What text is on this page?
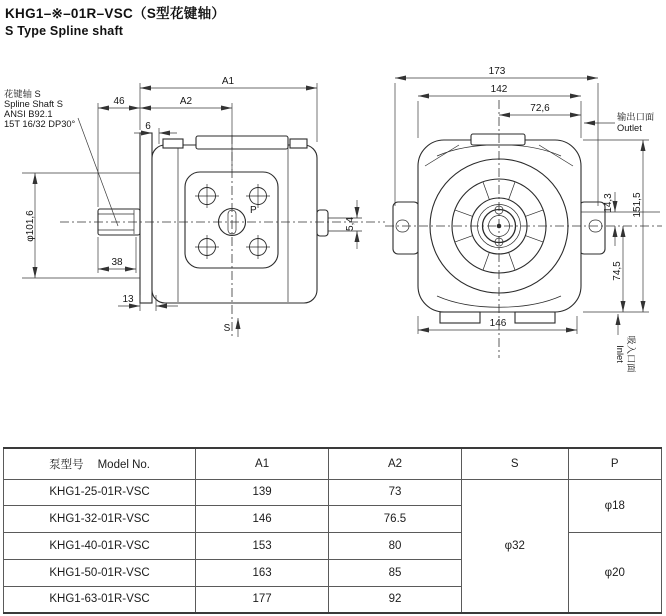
KHG1–※–01R–VSC（S型花键轴）
S Type Spline shaft
A1
A2
46
6
φ101,6
38
13
5,4
P
S
花键轴 S
Spline Shaft S
ANSI B92.1
15T 16/32 DP30°
173
142
72,6
输出口面
Outlet
146
14,3 151,5
74,5
吸入口面
Inlet
泵型号 Model No.	A1	A2	S	P
KHG1-25-01R-VSC	139	73	φ32	φ18
KHG1-32-01R-VSC	146	76.5		
KHG1-40-01R-VSC	153	80		φ20
KHG1-50-01R-VSC	163	85		
KHG1-63-01R-VSC	177	92		
